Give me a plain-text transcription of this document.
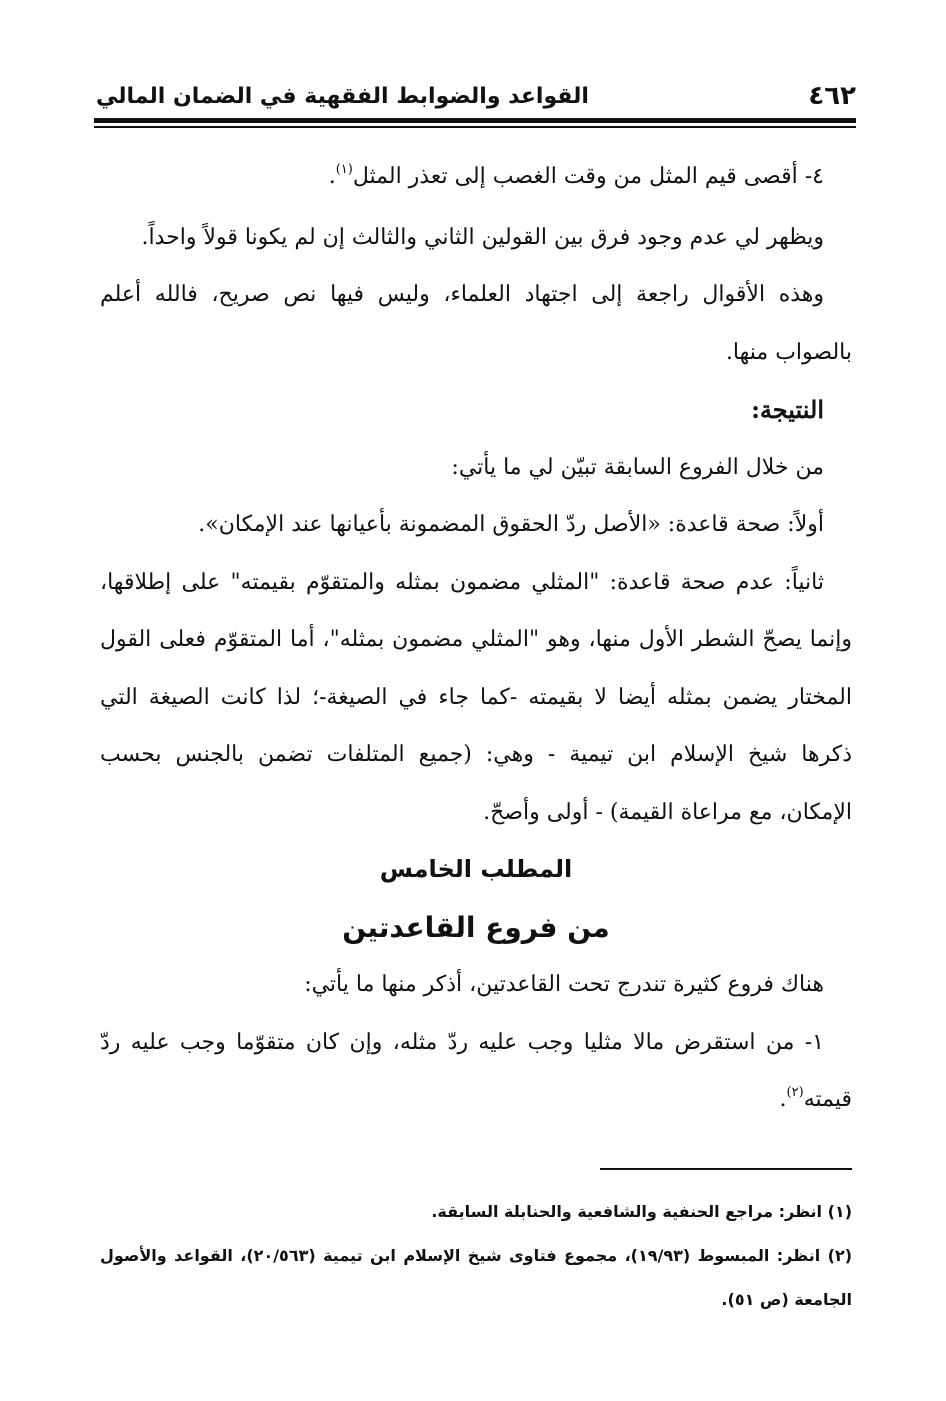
٤٦٢
القواعد والضوابط الفقهية في الضمان المالي

٤- أقصى قيم المثل من وقت الغصب إلى تعذر المثل$^{(١)}$.

ويظهر لي عدم وجود فرق بين القولين الثاني والثالث إن لم يكونا قولاً واحداً.

وهذه الأقوال راجعة إلى اجتهاد العلماء، وليس فيها نص صريح، فالله أعلم بالصواب منها.

النتيجة:

من خلال الفروع السابقة تبيّن لي ما يأتي:

أولاً: صحة قاعدة: «الأصل ردّ الحقوق المضمونة بأعيانها عند الإمكان».

ثانياً: عدم صحة قاعدة: "المثلي مضمون بمثله والمتقوّم بقيمته" على إطلاقها، وإنما يصحّ الشطر الأول منها، وهو "المثلي مضمون بمثله"، أما المتقوّم فعلى القول المختار يضمن بمثله أيضا لا بقيمته -كما جاء في الصيغة-؛ لذا كانت الصيغة التي ذكرها شيخ الإسلام ابن تيمية - وهي: (جميع المتلفات تضمن بالجنس بحسب الإمكان، مع مراعاة القيمة) - أولى وأصحّ.

المطلب الخامس

من فروع القاعدتين

هناك فروع كثيرة تندرج تحت القاعدتين، أذكر منها ما يأتي:

١- من استقرض مالا مثليا وجب عليه ردّ مثله، وإن كان متقوّما وجب عليه ردّ قيمته$^{(٢)}$.

(١) انظر: مراجع الحنفية والشافعية والحنابلة السابقة.

(٢) انظر: المبسوط (١٩/٩٣)، مجموع فتاوى شيخ الإسلام ابن تيمية (٢٠/٥٦٣)، القواعد والأصول الجامعة (ص ٥١).
